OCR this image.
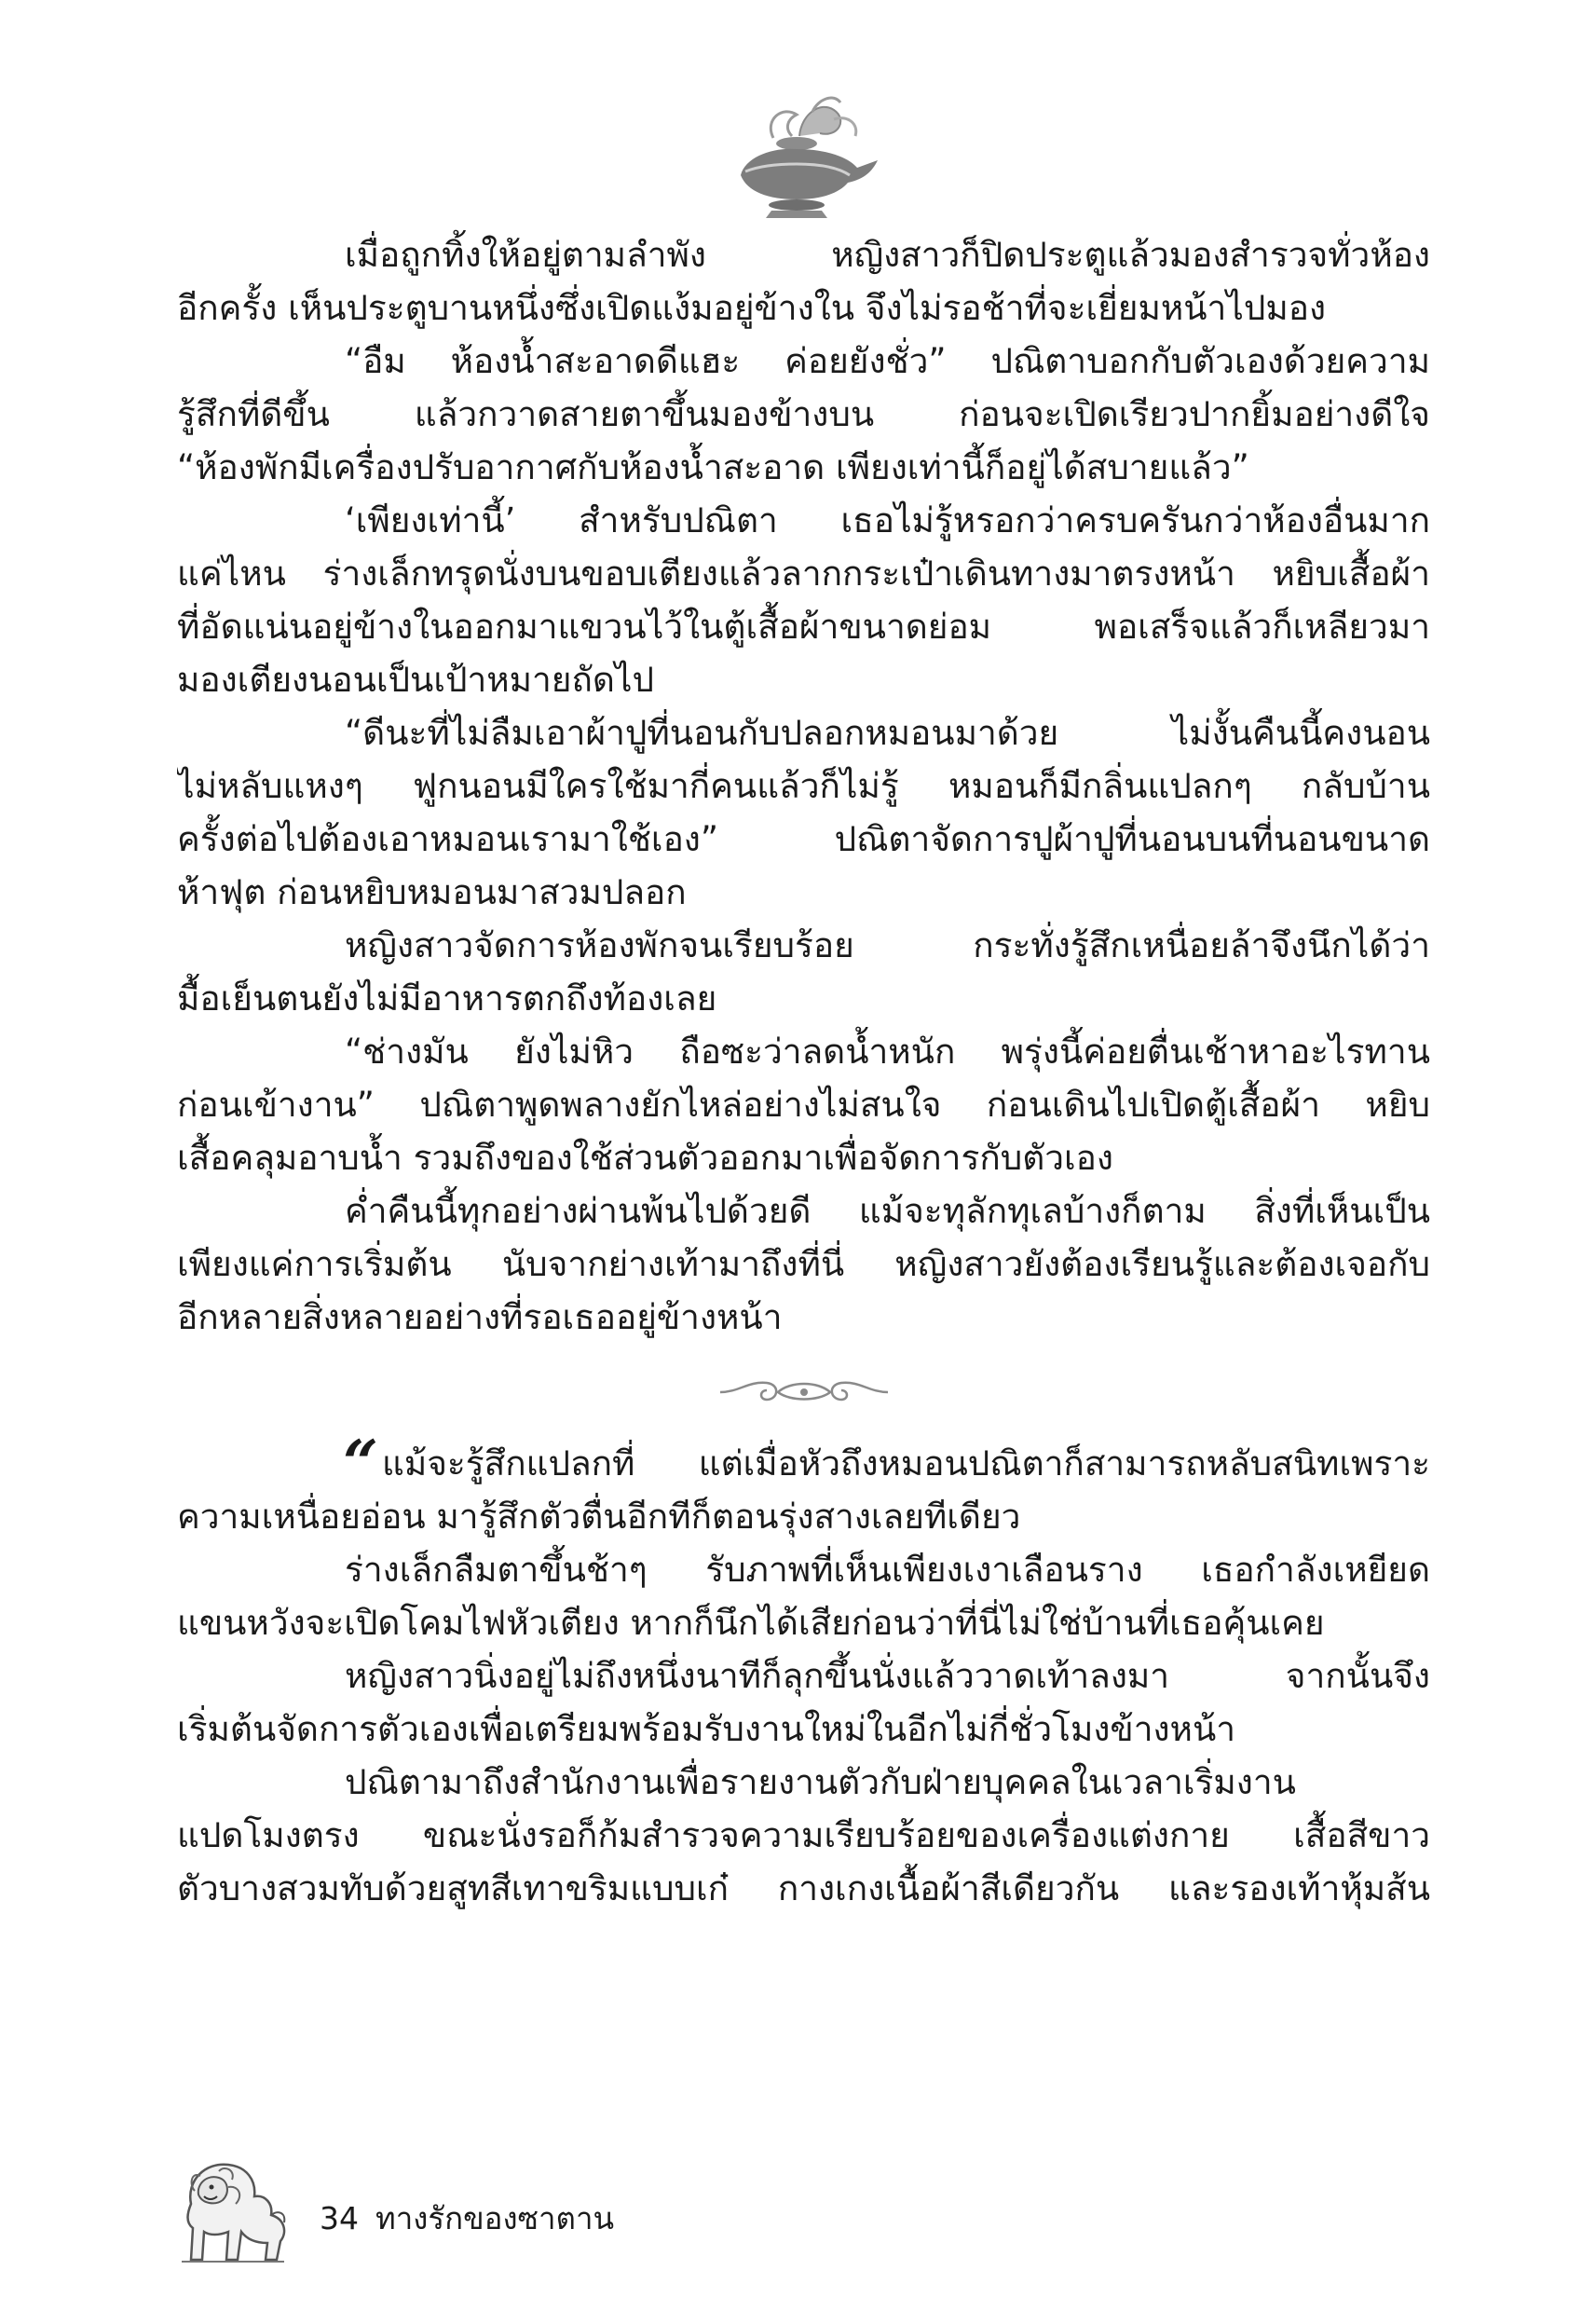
เมื่อถูกทิ้งให้อยู่ตามลำพัง หญิงสาวก็ปิดประตูแล้วมองสำรวจทั่วห้อง
อีกครั้ง เห็นประตูบานหนึ่งซึ่งเปิดแง้มอยู่ข้างใน จึงไม่รอช้าที่จะเยี่ยมหน้าไปมอง
“อืม ห้องน้ำสะอาดดีแฮะ ค่อยยังชั่ว” ปณิตาบอกกับตัวเองด้วยความ
รู้สึกที่ดีขึ้น แล้วกวาดสายตาขึ้นมองข้างบน ก่อนจะเปิดเรียวปากยิ้มอย่างดีใจ
“ห้องพักมีเครื่องปรับอากาศกับห้องน้ำสะอาด เพียงเท่านี้ก็อยู่ได้สบายแล้ว”
‘เพียงเท่านี้’ สำหรับปณิตา เธอไม่รู้หรอกว่าครบครันกว่าห้องอื่นมาก
แค่ไหน ร่างเล็กทรุดนั่งบนขอบเตียงแล้วลากกระเป๋าเดินทางมาตรงหน้า หยิบเสื้อผ้า
ที่อัดแน่นอยู่ข้างในออกมาแขวนไว้ในตู้เสื้อผ้าขนาดย่อม พอเสร็จแล้วก็เหลียวมา
มองเตียงนอนเป็นเป้าหมายถัดไป
“ดีนะที่ไม่ลืมเอาผ้าปูที่นอนกับปลอกหมอนมาด้วย ไม่งั้นคืนนี้คงนอน
ไม่หลับแหงๆ ฟูกนอนมีใครใช้มากี่คนแล้วก็ไม่รู้ หมอนก็มีกลิ่นแปลกๆ กลับบ้าน
ครั้งต่อไปต้องเอาหมอนเรามาใช้เอง” ปณิตาจัดการปูผ้าปูที่นอนบนที่นอนขนาด
ห้าฟุต ก่อนหยิบหมอนมาสวมปลอก
หญิงสาวจัดการห้องพักจนเรียบร้อย กระทั่งรู้สึกเหนื่อยล้าจึงนึกได้ว่า
มื้อเย็นตนยังไม่มีอาหารตกถึงท้องเลย
“ช่างมัน ยังไม่หิว ถือซะว่าลดน้ำหนัก พรุ่งนี้ค่อยตื่นเช้าหาอะไรทาน
ก่อนเข้างาน” ปณิตาพูดพลางยักไหล่อย่างไม่สนใจ ก่อนเดินไปเปิดตู้เสื้อผ้า หยิบ
เสื้อคลุมอาบน้ำ รวมถึงของใช้ส่วนตัวออกมาเพื่อจัดการกับตัวเอง
ค่ำคืนนี้ทุกอย่างผ่านพ้นไปด้วยดี แม้จะทุลักทุเลบ้างก็ตาม สิ่งที่เห็นเป็น
เพียงแค่การเริ่มต้น นับจากย่างเท้ามาถึงที่นี่ หญิงสาวยังต้องเรียนรู้และต้องเจอกับ
อีกหลายสิ่งหลายอย่างที่รอเธออยู่ข้างหน้า
“ แม้จะรู้สึกแปลกที่ แต่เมื่อหัวถึงหมอนปณิตาก็สามารถหลับสนิทเพราะ
ความเหนื่อยอ่อน มารู้สึกตัวตื่นอีกทีก็ตอนรุ่งสางเลยทีเดียว
ร่างเล็กลืมตาขึ้นช้าๆ รับภาพที่เห็นเพียงเงาเลือนราง เธอกำลังเหยียด
แขนหวังจะเปิดโคมไฟหัวเตียง หากก็นึกได้เสียก่อนว่าที่นี่ไม่ใช่บ้านที่เธอคุ้นเคย
หญิงสาวนิ่งอยู่ไม่ถึงหนึ่งนาทีก็ลุกขึ้นนั่งแล้ววาดเท้าลงมา จากนั้นจึง
เริ่มต้นจัดการตัวเองเพื่อเตรียมพร้อมรับงานใหม่ในอีกไม่กี่ชั่วโมงข้างหน้า
ปณิตามาถึงสำนักงานเพื่อรายงานตัวกับฝ่ายบุคคลในเวลาเริ่มงาน
แปดโมงตรง ขณะนั่งรอก็ก้มสำรวจความเรียบร้อยของเครื่องแต่งกาย เสื้อสีขาว
ตัวบางสวมทับด้วยสูทสีเทาขริมแบบเก๋ กางเกงเนื้อผ้าสีเดียวกัน และรองเท้าหุ้มส้น
34 ทางรักของซาตาน
